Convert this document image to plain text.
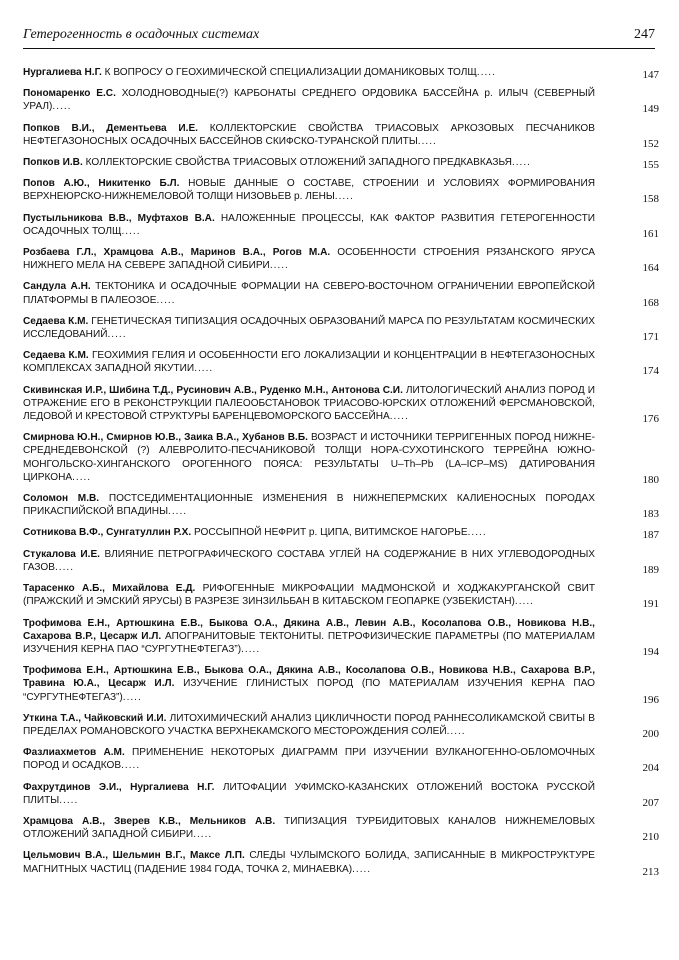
Гетерогенность в осадочных системах	247
Нургалиева Н.Г. К ВОПРОСУ О ГЕОХИМИЧЕСКОЙ СПЕЦИАЛИЗАЦИИ ДОМАНИКОВЫХ ТОЛЩ.....	147
Пономаренко Е.С. ХОЛОДНОВОДНЫЕ(?) КАРБОНАТЫ СРЕДНЕГО ОРДОВИКА БАССЕЙНА р. ИЛЫЧ (СЕВЕРНЫЙ УРАЛ).....	149
Попков В.И., Дементьева И.Е. КОЛЛЕКТОРСКИЕ СВОЙСТВА ТРИАСОВЫХ АРКОЗОВЫХ ПЕСЧАНИКОВ НЕФТЕГАЗОНОСНЫХ ОСАДОЧНЫХ БАССЕЙНОВ СКИФСКО-ТУРАНСКОЙ ПЛИТЫ.....	152
Попков И.В. КОЛЛЕКТОРСКИЕ СВОЙСТВА ТРИАСОВЫХ ОТЛОЖЕНИЙ ЗАПАДНОГО ПРЕДКАВКАЗЬЯ.....	155
Попов А.Ю., Никитенко Б.Л. НОВЫЕ ДАННЫЕ О СОСТАВЕ, СТРОЕНИИ И УСЛОВИЯХ ФОРМИРОВАНИЯ ВЕРХНЕЮРСКО-НИЖНЕМЕЛОВОЙ ТОЛЩИ НИЗОВЬЕВ р. ЛЕНЫ.....	158
Пустыльникова В.В., Муфтахов В.А. НАЛОЖЕННЫЕ ПРОЦЕССЫ, КАК ФАКТОР РАЗВИТИЯ ГЕТЕРОГЕННОСТИ ОСАДОЧНЫХ ТОЛЩ.....	161
Розбаева Г.Л., Храмцова А.В., Маринов В.А., Рогов М.А. ОСОБЕННОСТИ СТРОЕНИЯ РЯЗАНСКОГО ЯРУСА НИЖНЕГО МЕЛА НА СЕВЕРЕ ЗАПАДНОЙ СИБИРИ.....	164
Сандула А.Н. ТЕКТОНИКА И ОСАДОЧНЫЕ ФОРМАЦИИ НА СЕВЕРО-ВОСТОЧНОМ ОГРАНИЧЕНИИ ЕВРОПЕЙСКОЙ ПЛАТФОРМЫ В ПАЛЕОЗОЕ.....	168
Седаева К.М. ГЕНЕТИЧЕСКАЯ ТИПИЗАЦИЯ ОСАДОЧНЫХ ОБРАЗОВАНИЙ МАРСА ПО РЕЗУЛЬТАТАМ КОСМИЧЕСКИХ ИССЛЕДОВАНИЙ.....	171
Седаева К.М. ГЕОХИМИЯ ГЕЛИЯ И ОСОБЕННОСТИ ЕГО ЛОКАЛИЗАЦИИ И КОНЦЕНТРАЦИИ В НЕФТЕГАЗОНОСНЫХ КОМПЛЕКСАХ ЗАПАДНОЙ ЯКУТИИ.....	174
Скивинская И.Р., Шибина Т.Д., Русинович А.В., Руденко М.Н., Антонова С.И. ЛИТОЛОГИЧЕСКИЙ АНАЛИЗ ПОРОД И ОТРАЖЕНИЕ ЕГО В РЕКОНСТРУКЦИИ ПАЛЕООБСТАНОВОК ТРИАСОВО-ЮРСКИХ ОТЛОЖЕНИЙ ФЕРСМАНОВСКОЙ, ЛЕДОВОЙ И КРЕСТОВОЙ СТРУКТУРЫ БАРЕНЦЕВОМОРСКОГО БАССЕЙНА.....	176
Смирнова Ю.Н., Смирнов Ю.В., Заика В.А., Хубанов В.Б. ВОЗРАСТ И ИСТОЧНИКИ ТЕРРИГЕННЫХ ПОРОД НИЖНЕ-СРЕДНЕДЕВОНСКОЙ (?) АЛЕВРОЛИТО-ПЕСЧАНИКОВОЙ ТОЛЩИ НОРА-СУХОТИНСКОГО ТЕРРЕЙНА ЮЖНО-МОНГОЛЬСКО-ХИНГАНСКОГО ОРОГЕННОГО ПОЯСА: РЕЗУЛЬТАТЫ U–Th–Pb (LA–ICP–MS) ДАТИРОВАНИЯ ЦИРКОНА.....	180
Соломон М.В. ПОСТСЕДИМЕНТАЦИОННЫЕ ИЗМЕНЕНИЯ В НИЖНЕПЕРМСКИХ КАЛИЕНОСНЫХ ПОРОДАХ ПРИКАСПИЙСКОЙ ВПАДИНЫ.....	183
Сотникова В.Ф., Сунгатуллин Р.Х. РОССЫПНОЙ НЕФРИТ р. ЦИПА, ВИТИМСКОЕ НАГОРЬЕ.....	187
Стукалова И.Е. ВЛИЯНИЕ ПЕТРОГРАФИЧЕСКОГО СОСТАВА УГЛЕЙ НА СОДЕРЖАНИЕ В НИХ УГЛЕВОДОРОДНЫХ ГАЗОВ.....	189
Тарасенко А.Б., Михайлова Е.Д. РИФОГЕННЫЕ МИКРОФАЦИИ МАДМОНСКОЙ И ХОДЖАКУРГАНСКОЙ СВИТ (ПРАЖСКИЙ И ЭМСКИЙ ЯРУСЫ) В РАЗРЕЗЕ ЗИНЗИЛЬБАН В КИТАБСКОМ ГЕОПАРКЕ (УЗБЕКИСТАН).....	191
Трофимова Е.Н., Артюшкина Е.В., Быкова О.А., Дякина А.В., Левин А.В., Косолапова О.В., Новикова Н.В., Сахарова В.Р., Цесарж И.Л. АПОГРАНИТОВЫЕ ТЕКТОНИТЫ. ПЕТРОФИЗИЧЕСКИЕ ПАРАМЕТРЫ (ПО МАТЕРИАЛАМ ИЗУЧЕНИЯ КЕРНА ПАО “СУРГУТНЕФТЕГАЗ”).....	194
Трофимова Е.Н., Артюшкина Е.В., Быкова О.А., Дякина А.В., Косолапова О.В., Новикова Н.В., Сахарова В.Р., Травина Ю.А., Цесарж И.Л. ИЗУЧЕНИЕ ГЛИНИСТЫХ ПОРОД (ПО МАТЕРИАЛАМ ИЗУЧЕНИЯ КЕРНА ПАО “СУРГУТНЕФТЕГАЗ”).....	196
Уткина Т.А., Чайковский И.И. ЛИТОХИМИЧЕСКИЙ АНАЛИЗ ЦИКЛИЧНОСТИ ПОРОД РАННЕСОЛИКАМСКОЙ СВИТЫ В ПРЕДЕЛАХ РОМАНОВСКОГО УЧАСТКА ВЕРХНЕКАМСКОГО МЕСТОРОЖДЕНИЯ СОЛЕЙ.....	200
Фазлиахметов А.М. ПРИМЕНЕНИЕ НЕКОТОРЫХ ДИАГРАММ ПРИ ИЗУЧЕНИИ ВУЛКАНОГЕННО-ОБЛОМОЧНЫХ ПОРОД И ОСАДКОВ.....	204
Фахрутдинов Э.И., Нургалиева Н.Г. ЛИТОФАЦИИ УФИМСКО-КАЗАНСКИХ ОТЛОЖЕНИЙ ВОСТОКА РУССКОЙ ПЛИТЫ.....	207
Храмцова А.В., Зверев К.В., Мельников А.В. ТИПИЗАЦИЯ ТУРБИДИТОВЫХ КАНАЛОВ НИЖНЕМЕЛОВЫХ ОТЛОЖЕНИЙ ЗАПАДНОЙ СИБИРИ.....	210
Цельмович В.А., Шельмин В.Г., Максе Л.П. СЛЕДЫ ЧУЛЫМСКОГО БОЛИДА, ЗАПИСАННЫЕ В МИКРОСТРУКТУРЕ МАГНИТНЫХ ЧАСТИЦ (ПАДЕНИЕ 1984 ГОДА, ТОЧКА 2, МИНАЕВКА).....	213
